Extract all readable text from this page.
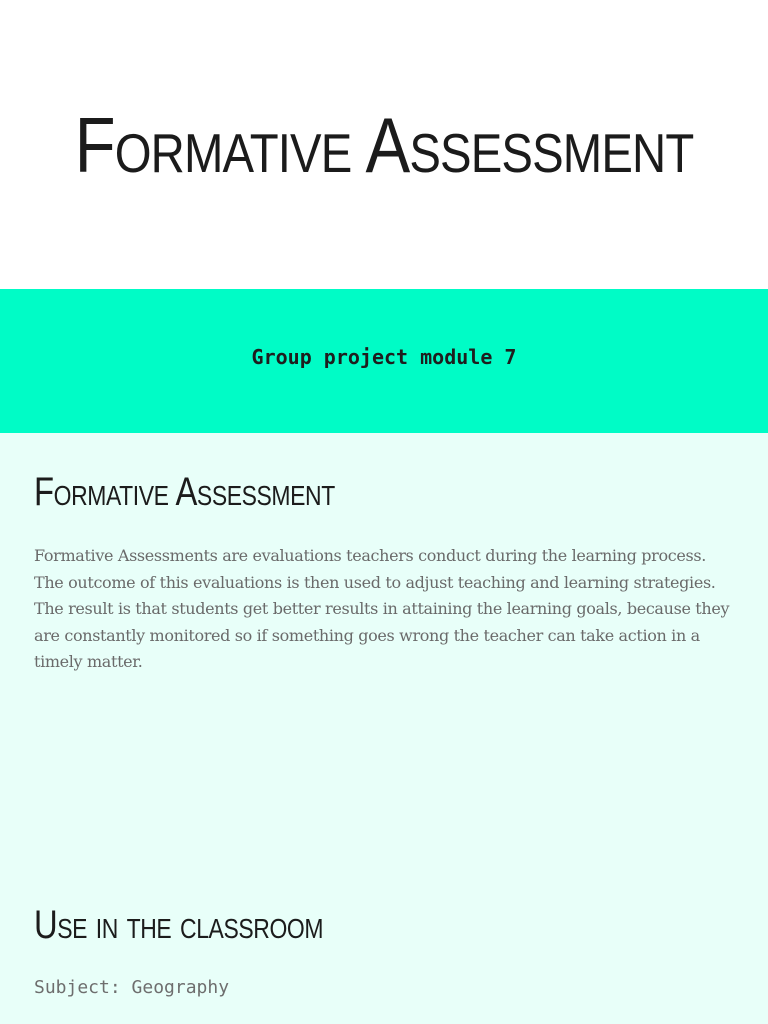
Formative Assessment

Group project module 7

Formative Assessment

Formative Assessments are evaluations teachers conduct during the learning process. The outcome of this evaluations is then used to adjust teaching and learning strategies. The result is that students get better results in attaining the learning goals, because they are constantly monitored so if something goes wrong the teacher can take action in a timely matter.

Use in the classroom

Subject: Geography
